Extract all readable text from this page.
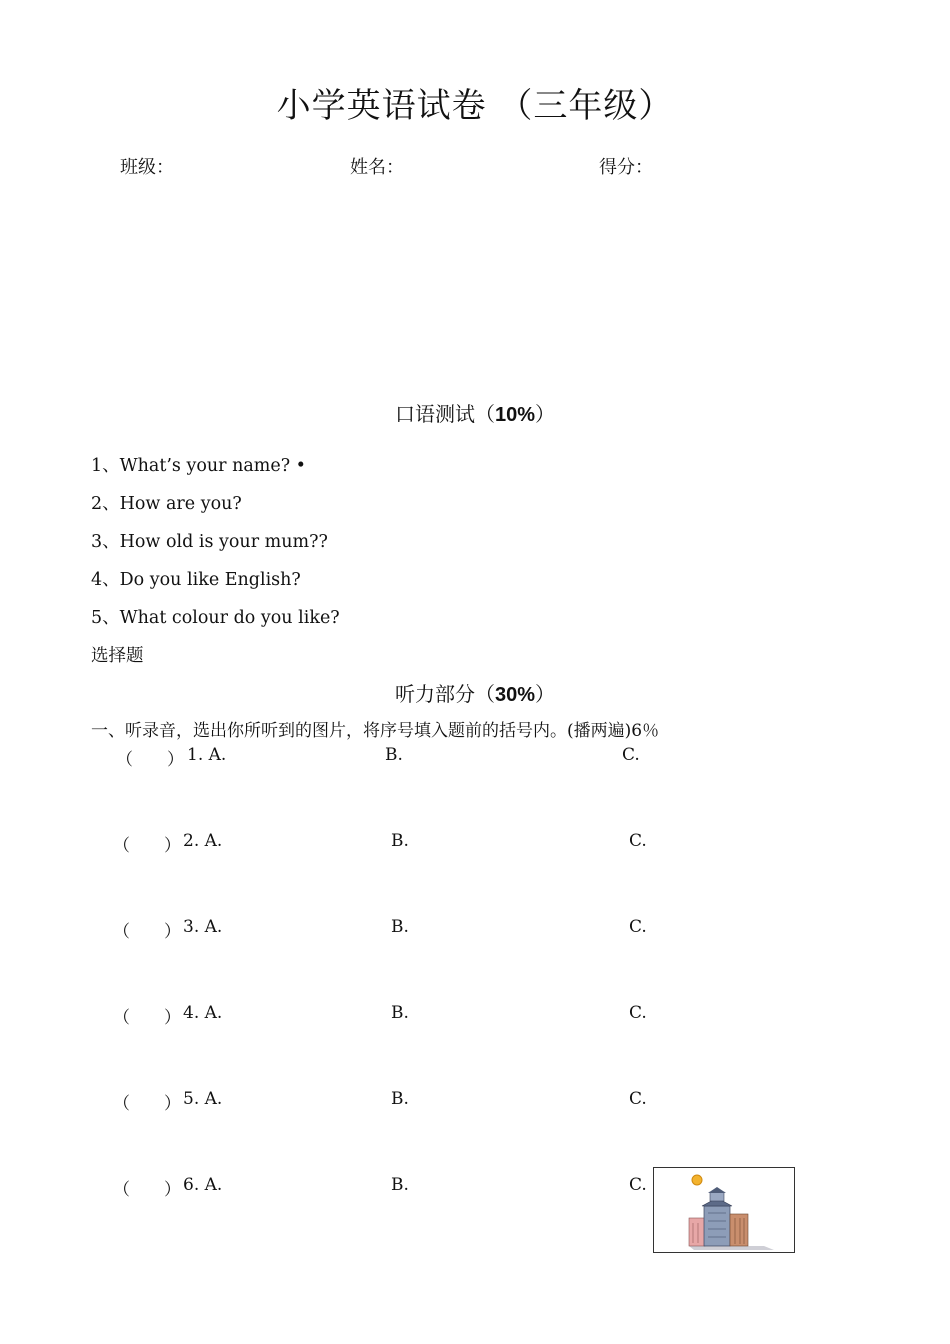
小学英语试卷 （三年级）
班级：	姓名：	得分：
口语测试（10%）
1、What’s your name? •
2、How are you?
3、How old is your mum??
4、Do you like English?
5、What colour do you like?
选择题
听力部分（30%）
一、听录音，选出你所听到的图片，将序号填入题前的括号内。(播两遍)6％
（　　） 1. A.	B.	C.
（　　） 2. A.	B.	C.
（　　） 3. A.	B.	C.
（　　） 4. A.	B.	C.
（　　） 5. A.	B.	C.
（　　） 6. A.	B.	C.
